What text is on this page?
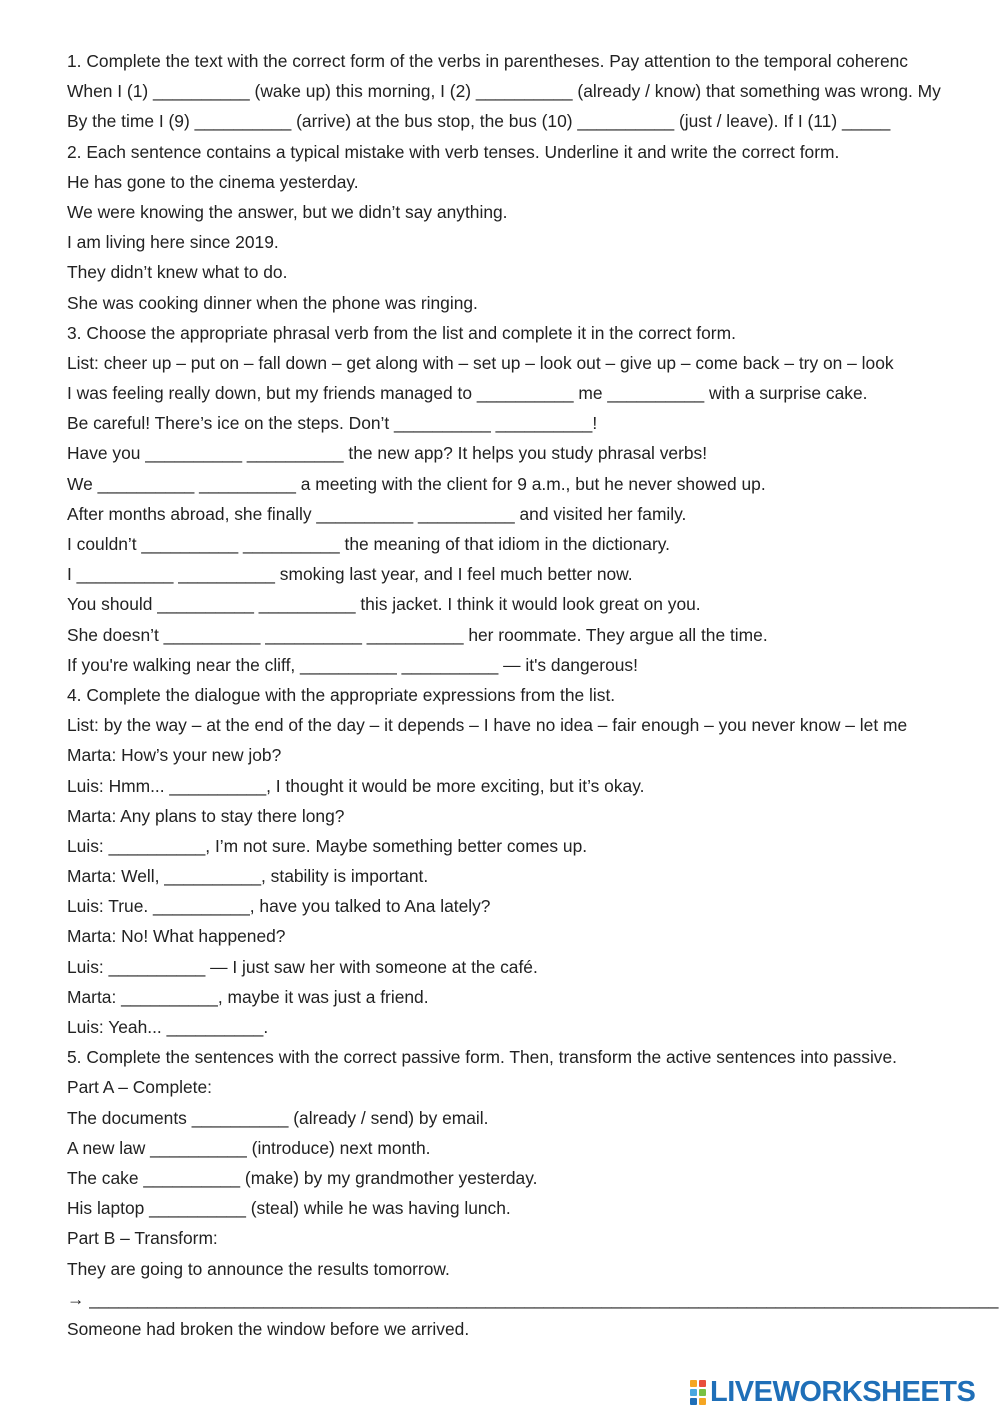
1. Complete the text with the correct form of the verbs in parentheses. Pay attention to the temporal coherenc
When I (1) __________ (wake up) this morning, I (2) __________ (already / know) that something was wrong. My
By the time I (9) __________ (arrive) at the bus stop, the bus (10) __________ (just / leave). If I (11) _____
2. Each sentence contains a typical mistake with verb tenses. Underline it and write the correct form.
He has gone to the cinema yesterday.
We were knowing the answer, but we didn’t say anything.
I am living here since 2019.
They didn’t knew what to do.
She was cooking dinner when the phone was ringing.
3. Choose the appropriate phrasal verb from the list and complete it in the correct form.
List: cheer up – put on – fall down – get along with – set up – look out – give up – come back – try on – look
I was feeling really down, but my friends managed to __________ me __________ with a surprise cake.
Be careful! There’s ice on the steps. Don’t __________ __________!
Have you __________ __________ the new app? It helps you study phrasal verbs!
We __________ __________ a meeting with the client for 9 a.m., but he never showed up.
After months abroad, she finally __________ __________ and visited her family.
I couldn’t __________ __________ the meaning of that idiom in the dictionary.
I __________ __________ smoking last year, and I feel much better now.
You should __________ __________ this jacket. I think it would look great on you.
She doesn’t __________ __________ __________ her roommate. They argue all the time.
If you're walking near the cliff, __________ __________ — it's dangerous!
4. Complete the dialogue with the appropriate expressions from the list.
List: by the way – at the end of the day – it depends – I have no idea – fair enough – you never know – let me
Marta: How’s your new job?
Luis: Hmm... __________, I thought it would be more exciting, but it’s okay.
Marta: Any plans to stay there long?
Luis: __________, I’m not sure. Maybe something better comes up.
Marta: Well, __________, stability is important.
Luis: True. __________, have you talked to Ana lately?
Marta: No! What happened?
Luis: __________ — I just saw her with someone at the café.
Marta: __________, maybe it was just a friend.
Luis: Yeah... __________.
5. Complete the sentences with the correct passive form. Then, transform the active sentences into passive.
Part A – Complete:
The documents __________ (already / send) by email.
A new law __________ (introduce) next month.
The cake __________ (make) by my grandmother yesterday.
His laptop __________ (steal) while he was having lunch.
Part B – Transform:
They are going to announce the results tomorrow.
→ ______________________________________________________________________________________________
Someone had broken the window before we arrived.
LIVEWORKSHEETS
